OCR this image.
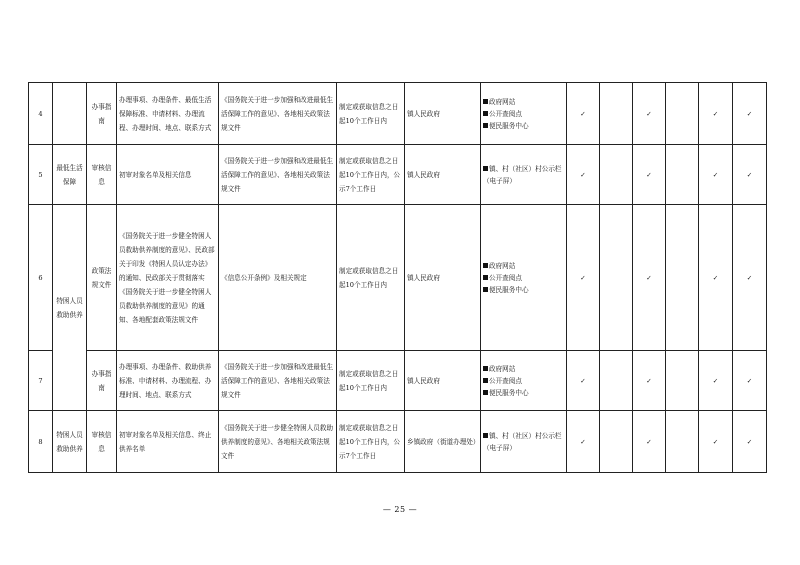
4		办事指南	办理事项、办理条件、最低生活保障标准、申请材料、办理流程、办理时间、地点、联系方式	《国务院关于进一步加强和改进最低生活保障工作的意见》、各地相关政策法规文件	制定或获取信息之日起10个工作日内	镇人民政府	政府网站
公开查阅点
便民服务中心	✓		✓		✓	✓
5	最低生活保障	审核信息	初审对象名单及相关信息	《国务院关于进一步加强和改进最低生活保障工作的意见》、各地相关政策法规文件	制定或获取信息之日起10个工作日内，公示7个工作日	镇人民政府	镇、村（社区）村公示栏（电子屏）	✓		✓		✓	✓
6	特困人员救助供养	政策法规文件	《国务院关于进一步健全特困人员救助供养制度的意见》、民政部关于印发《特困人员认定办法》的通知、民政部关于贯彻落实《国务院关于进一步健全特困人员救助供养制度的意见》的通知、各地配套政策法规文件	《信息公开条例》及相关规定	制定或获取信息之日起10个工作日内	镇人民政府	政府网站
公开查阅点
便民服务中心	✓		✓		✓	✓
7		办事指南	办理事项、办理条件、救助供养标准、申请材料、办理流程、办理时间、地点、联系方式	《国务院关于进一步加强和改进最低生活保障工作的意见》、各地相关政策法规文件	制定或获取信息之日起10个工作日内	镇人民政府	政府网站
公开查阅点
便民服务中心	✓		✓		✓	✓
8	特困人员救助供养	审核信息	初审对象名单及相关信息、终止供养名单	《国务院关于进一步健全特困人员救助供养制度的意见》、各地相关政策法规文件	制定或获取信息之日起10个工作日内，公示7个工作日	乡镇政府（街道办理处）	镇、村（社区）村公示栏（电子屏）	✓		✓		✓	✓
— 25 —
